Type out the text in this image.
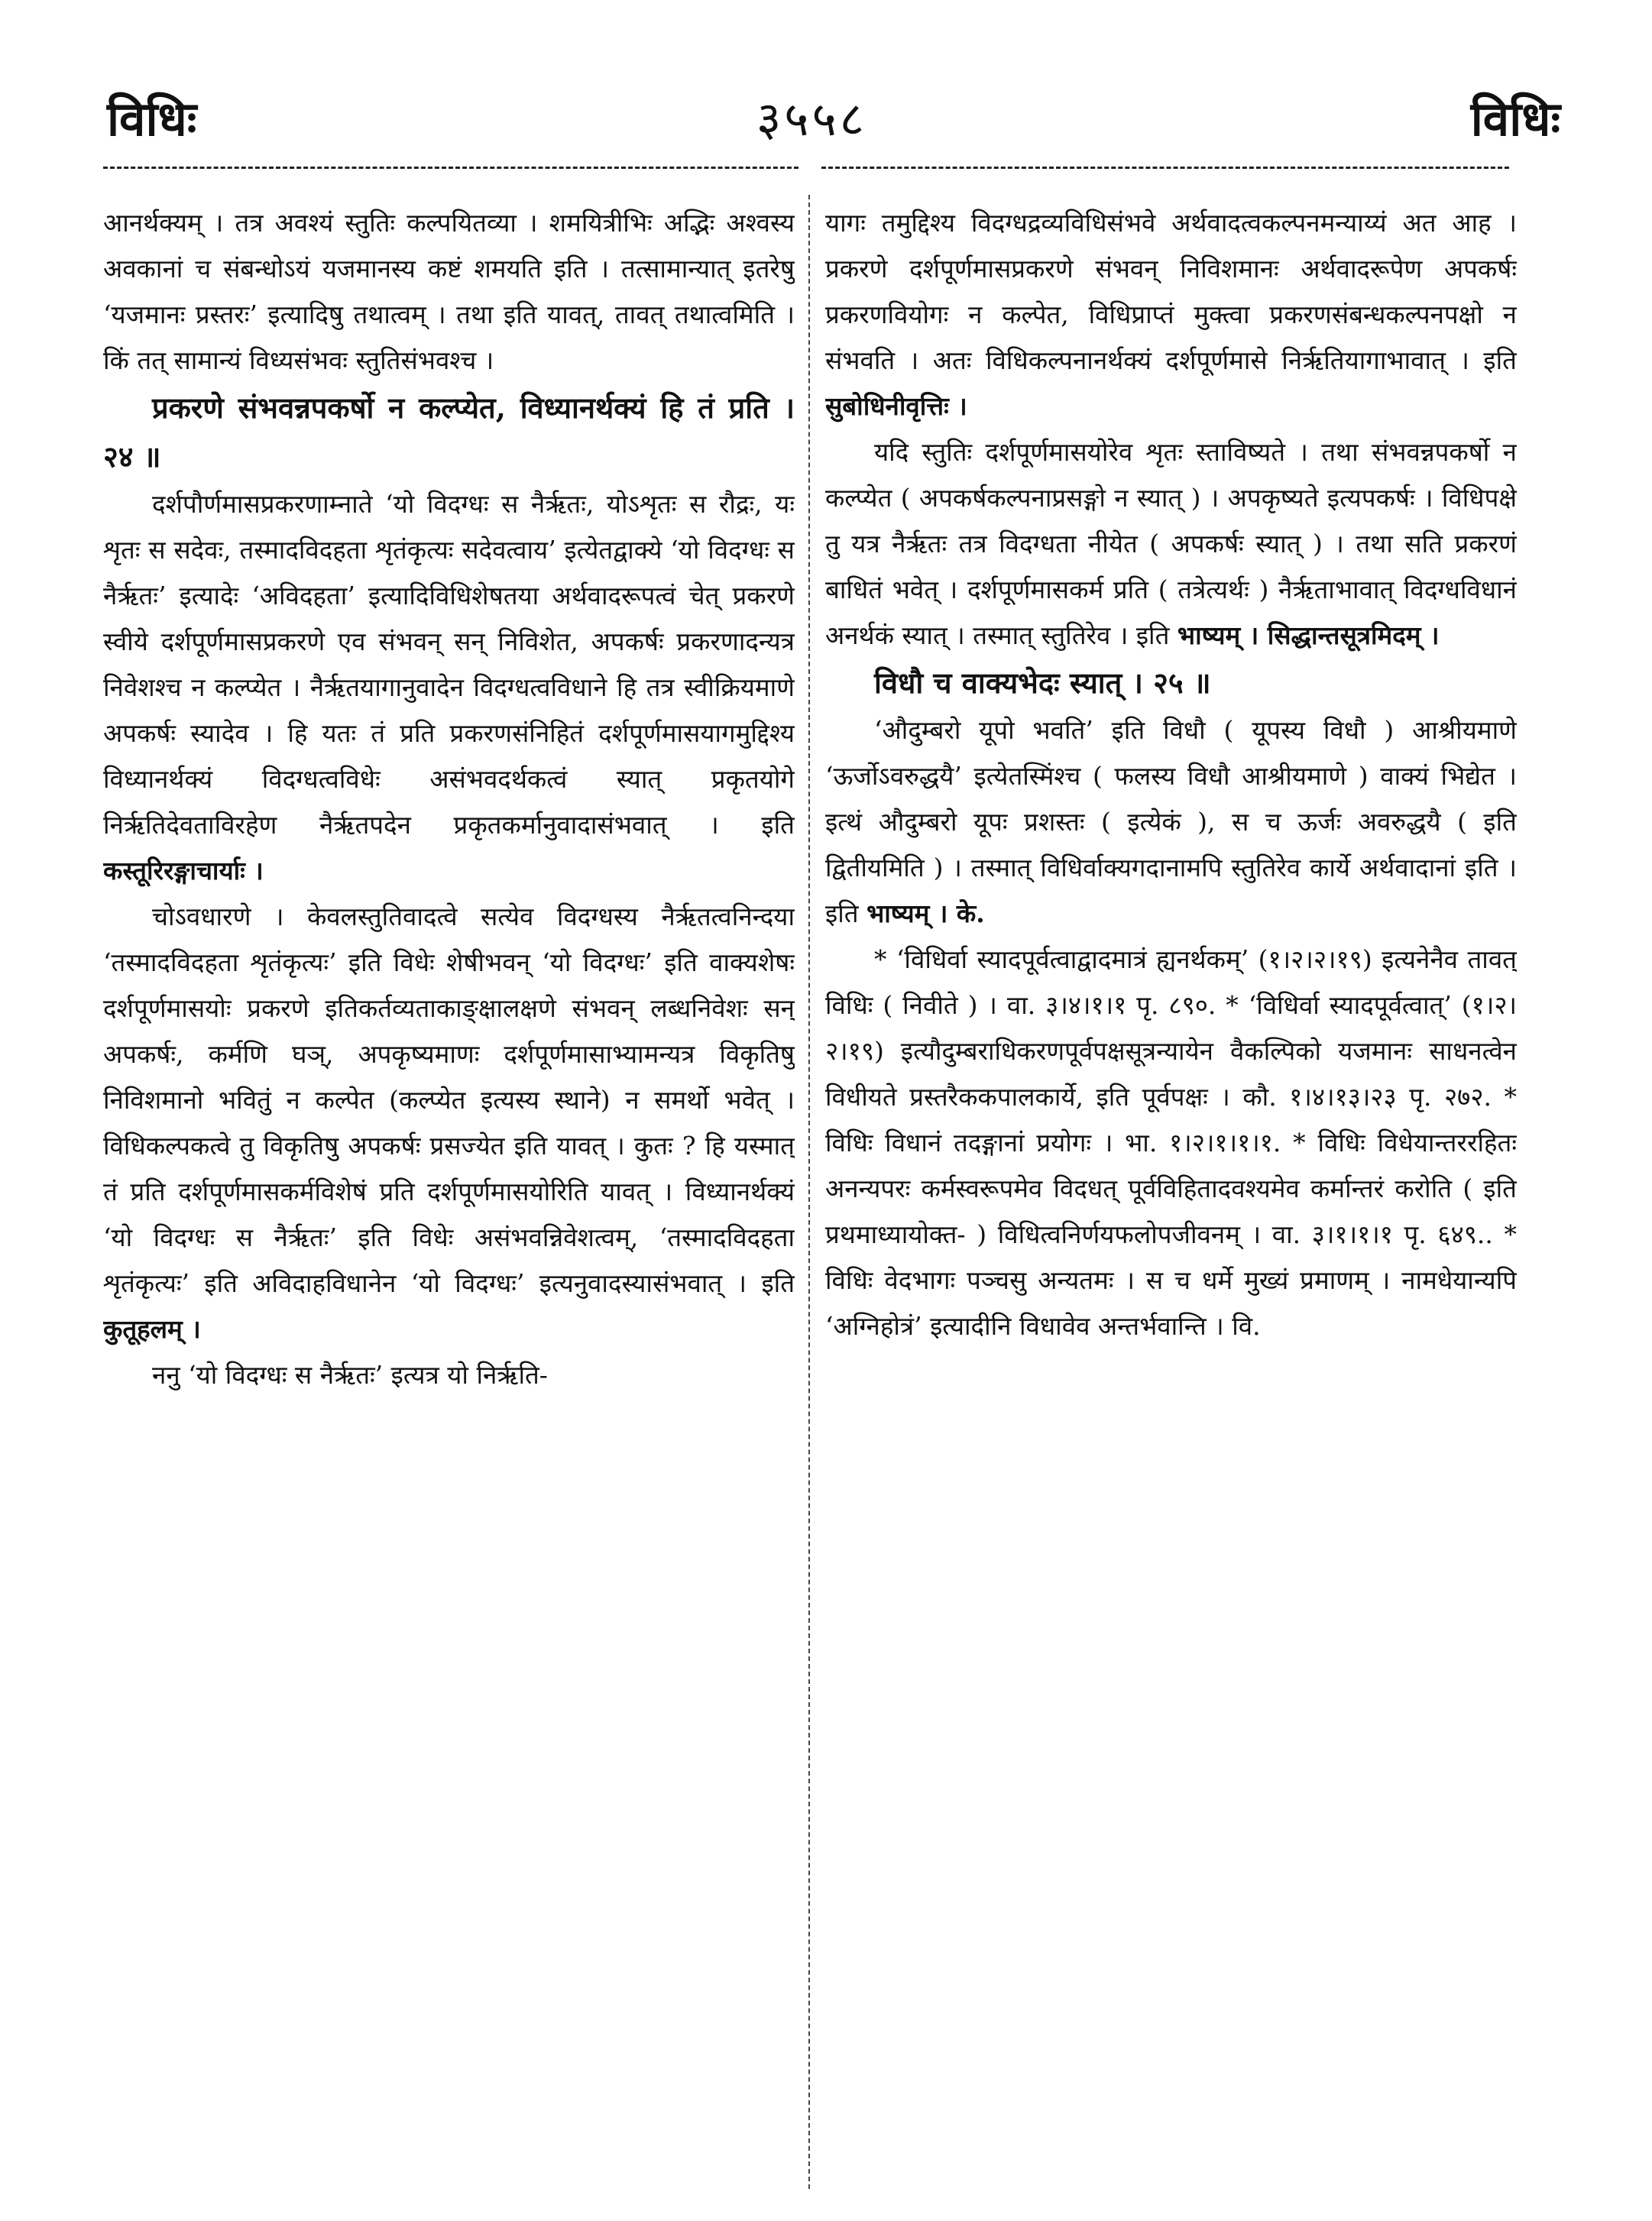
विधिः	३५५८	विधिः

आनर्थक्यम् । तत्र अवश्यं स्तुतिः कल्पयितव्या । शमयित्रीभिः अद्भिः अश्वस्य अवकानां च संबन्धोऽयं यजमानस्य कष्टं शमयति इति । तत्सामान्यात् इतरेषु ‘यजमानः प्रस्तरः’ इत्यादिषु तथात्वम् । तथा इति यावत्, तावत् तथात्वमिति । किं तत् सामान्यं विध्यसंभवः स्तुतिसंभवश्च ।

प्रकरणे संभवन्नपकर्षो न कल्प्येत, विध्यानर्थक्यं हि तं प्रति । २४ ॥

दर्शपौर्णमासप्रकरणाम्नाते ‘यो विदग्धः स नैर्ऋतः, योऽशृतः स रौद्रः, यः शृतः स सदेवः, तस्मादविदहता शृतंकृत्यः सदेवत्वाय’ इत्येतद्वाक्ये ‘यो विदग्धः स नैर्ऋतः’ इत्यादेः ‘अविदहता’ इत्यादिविधिशेषतया अर्थवादरूपत्वं चेत् प्रकरणे स्वीये दर्शपूर्णमासप्रकरणे एव संभवन् सन् निविशेत, अपकर्षः प्रकरणादन्यत्र निवेशश्च न कल्प्येत । नैर्ऋतयागानुवादेन विदग्धत्वविधाने हि तत्र स्वीक्रियमाणे अपकर्षः स्यादेव । हि यतः तं प्रति प्रकरणसंनिहितं दर्शपूर्णमासयागमुद्दिश्य विध्यानर्थक्यं विदग्धत्वविधेः असंभवदर्थकत्वं स्यात् प्रकृतयोगे निर्ऋतिदेवताविरहेण नैर्ऋतपदेन प्रकृतकर्मानुवादासंभवात् । इति कस्तूरिरङ्गाचार्याः ।

चोऽवधारणे । केवलस्तुतिवादत्वे सत्येव विदग्धस्य नैर्ऋतत्वनिन्दया ‘तस्मादविदहता शृतंकृत्यः’ इति विधेः शेषीभवन् ‘यो विदग्धः’ इति वाक्यशेषः दर्शपूर्णमासयोः प्रकरणे इतिकर्तव्यताकाङ्क्षालक्षणे संभवन् लब्धनिवेशः सन् अपकर्षः, कर्मणि घञ्, अपकृष्यमाणः दर्शपूर्णमासाभ्यामन्यत्र विकृतिषु निविशमानो भवितुं न कल्पेत (कल्प्येत इत्यस्य स्थाने) न समर्थो भवेत् । विधिकल्पकत्वे तु विकृतिषु अपकर्षः प्रसज्येत इति यावत् । कुतः ? हि यस्मात् तं प्रति दर्शपूर्णमासकर्मविशेषं प्रति दर्शपूर्णमासयोरिति यावत् । विध्यानर्थक्यं ‘यो विदग्धः स नैर्ऋतः’ इति विधेः असंभवन्निवेशत्वम्, ‘तस्मादविदहता शृतंकृत्यः’ इति अविदाहविधानेन ‘यो विदग्धः’ इत्यनुवादस्यासंभवात् । इति कुतूहलम् ।

ननु ‘यो विदग्धः स नैर्ऋतः’ इत्यत्र यो निर्ऋति-

यागः तमुद्दिश्य विदग्धद्रव्यविधिसंभवे अर्थवादत्वकल्पनमन्याय्यं अत आह । प्रकरणे दर्शपूर्णमासप्रकरणे संभवन् निविशमानः अर्थवादरूपेण अपकर्षः प्रकरणवियोगः न कल्पेत, विधिप्राप्तं मुक्त्वा प्रकरणसंबन्धकल्पनपक्षो न संभवति । अतः विधिकल्पनानर्थक्यं दर्शपूर्णमासे निर्ऋतियागाभावात् । इति सुबोधिनीवृत्तिः ।

यदि स्तुतिः दर्शपूर्णमासयोरेव शृतः स्ताविष्यते । तथा संभवन्नपकर्षो न कल्प्येत ( अपकर्षकल्पनाप्रसङ्गो न स्यात् ) । अपकृष्यते इत्यपकर्षः । विधिपक्षे तु यत्र नैर्ऋतः तत्र विदग्धता नीयेत ( अपकर्षः स्यात् ) । तथा सति प्रकरणं बाधितं भवेत् । दर्शपूर्णमासकर्म प्रति ( तत्रेत्यर्थः ) नैर्ऋताभावात् विदग्धविधानं अनर्थकं स्यात् । तस्मात् स्तुतिरेव । इति भाष्यम् । सिद्धान्तसूत्रमिदम् ।

विधौ च वाक्यभेदः स्यात् । २५ ॥

‘औदुम्बरो यूपो भवति’ इति विधौ ( यूपस्य विधौ ) आश्रीयमाणे ‘ऊर्जोऽवरुद्धयै’ इत्येतस्मिंश्च ( फलस्य विधौ आश्रीयमाणे ) वाक्यं भिद्येत । इत्थं औदुम्बरो यूपः प्रशस्तः ( इत्येकं ), स च ऊर्जः अवरुद्धयै ( इति द्वितीयमिति ) । तस्मात् विधिर्वाक्यगदानामपि स्तुतिरेव कार्ये अर्थवादानां इति । इति भाष्यम् । के.

* ‘विधिर्वा स्यादपूर्वत्वाद्वादमात्रं ह्यनर्थकम्’ (१।२।२।१९) इत्यनेनैव तावत् विधिः ( निवीते ) । वा. ३।४।१।१ पृ. ८९०. * ‘विधिर्वा स्यादपूर्वत्वात्’ (१।२।२।१९) इत्यौदुम्बराधिकरणपूर्वपक्षसूत्रन्यायेन वैकल्पिको यजमानः साधनत्वेन विधीयते प्रस्तरैककपालकार्ये, इति पूर्वपक्षः । कौ. १।४।१३।२३ पृ. २७२. * विधिः विधानं तदङ्गानां प्रयोगः । भा. १।२।१।१।१. * विधिः विधेयान्तररहितः अनन्यपरः कर्मस्वरूपमेव विदधत् पूर्वविहितादवश्यमेव कर्मान्तरं करोति ( इति प्रथमाध्यायोक्त- ) विधित्वनिर्णयफलोपजीवनम् । वा. ३।१।१।१ पृ. ६४९.. * विधिः वेदभागः पञ्चसु अन्यतमः । स च धर्मे मुख्यं प्रमाणम् । नामधेयान्यपि ‘अग्निहोत्रं’ इत्यादीनि विधावेव अन्तर्भवान्ति । वि.
